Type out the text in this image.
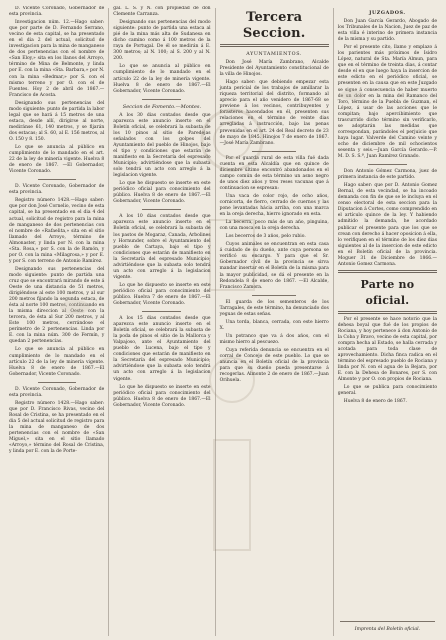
D. Vicente Coronado, Gobernador de esta provincia.

Investigacion núm. 12.—Hago saber: que por parte de D. Fernando Serrano, vecino de esta capital, se ha presentado en el dia 2 del actual, solicitud de investigacion para la mina de manganeso de dos pertenencias con el nombre de «San Eloy,» sita en los llanos del Arroyo, término de Mina de Belmonte, y linda por E. con la mina «Sta. Barbara,» por N. con la mina «Bedmar,» por S. con el mismo terreno y por O. con el de Fuentes. Hoy 2 de abril de 1867.—Francisco de Acosta.

Designando sus pertenencias del modo siguiente: punto de partida la labor legal que se hará á 15 metros de una estaca, desde allí, dirigirse al norte, mediránse 61, 140 metros, y se fijarán dos estacas; al S. 60, al E. 156 metros, al O. 150 y 8. 150.

Lo que se anuncia al público en cumplimiento de lo mandado en el art. 22 de la ley de minería vigente. Huelva 8 de enero de 1867. —El Gobernador, Vicente Coronado.

D. Vicente Coronado, Gobernador de esta provincia.

Registro número 1428.—Hago saber: que por don José Cornelio, vecino de esta capital, se ha presentado en el dia 4 del actual, solicitud de registro para la mina de manganeso de dos pertenencias con el nombre de «Rafaelita,» sita en el sitio llamado del Arroyo, término de Almonaster, y linda por N. con la mina «Sta. Rosa,» por S. con la de Ramón, y por O. con la mina «Milagrosa,» y por E. y por S. con terreno de Antonio Ramírez.

Designando sus pertenencias del modo siguiente: punto de partida una cruz que se encontrará mirando de este á Oeste de una distancia de 51 metros, dirigiéndose al este 100 metros, y al sur 200 metros fijando la segunda estaca, de ésta al norte 100 metros, continuando en la misma direccion al Oeste con la tercera, de ésta al Sur 200 metros, y al Este 100 metros, cerrándose el perímetro de 2 pertenencias. Linda por E. con la mina núm. 300 de Fermín, y quedan 2 pertenencias.

Lo que se anuncia al público en cumplimiento de lo mandado en el artículo 22 de la ley de minería vigente. Huelva 8 de enero de 1867.—El Gobernador, Vicente Coronado.

D. Vicente Coronado, Gobernador de esta provincia.

Registro número 1428.—Hago saber: que por D. Francisco Rivas, vecino del Rosal de Cristina, se ha presentado en el dia 5 del actual solicitud de registro para la mina de manganeso de dos pertenencias con el nombre de «San Miguel,» sita en el sitio llamado «Arroyo,» término del Rosal de Cristina, y linda por E. con la de Porte-

gal. L. S. y N. con propiedad de don Clemente Carranza.

Designando sus pertenencias del modo siguiente: punto de partida una estaca al pié de la mina más alta de Sudanesa en dicho camino como á 100 metros de la raya de Portugal. De él se medirán á E. 300 metros; al N. 100; al S. 200 y al N. 200.

Lo que se anuncia al público en cumplimiento de lo mandado en el artículo 22 de la ley de minería vigente. Huelva 8 de enero de 1867.—El Gobernador, Vicente Coronado.

Seccion de Fomento.—Montes.

A los 30 dias contados desde que aparezca este anuncio inserto en el Boletín oficial, se celebrará la subasta de los 10 pinos al sitio de Paredejas señalados con los golpes del Ayuntamiento del pueblo de Hinojos, bajo el tipo y condiciones que estarán de manifiesto en la Secretaría del espresado Municipio; advirtiéndose que la subasta solo tendrá un acto con arreglo á la legislacion vigente.

Lo que he dispuesto se inserte en este periódico oficial para conocimiento del público. Huelva 8 de enero de 1867.—El Gobernador, Vicente Coronado.

A los 10 dias contados desde que aparezca este anuncio inserto en el Boletín oficial, se celebrará la subasta de los pastos de Mogaraz, Canada, Arbolines y Hornunder, sobre el Ayuntamiento del pueblo de Cartaya, bajo el tipo y condiciones que estarán de manifiesto en la Secretaría del espresado Municipio; advirtiéndose que la subasta solo tendrá un acto con arreglo á la legislacion vigente.

Lo que he dispuesto se inserte en este periódico oficial para conocimiento del público. Huelva 7 de enero de 1867.—El Gobernador, Vicente Coronado.

A los 15 dias contados desde que aparezca este anuncio inserto en el Boletín oficial, se celebrará la subasta de la poda de pinos el sitio de la Mallorca y Valpajoso, ante el Ayuntamiento del pueblo de Lucena, bajo el tipo y condiciones que estarán de manifiesto en la Secretaría del espresado Municipio; advirtiéndose que la subasta solo tendrá un acto con arreglo á la legislacion vigente.

Lo que he dispuesto se inserte en este periódico oficial para conocimiento del público. Huelva 8 de enero de 1867.—El Gobernador, Vicente Coronado.

Tercera Seccion.
AYUNTAMIENTOS.

Don José María Zambrano, Alcalde Presidente del Ayuntamiento constitucional de la villa de Hinojos.

Hago saber: que debiendo empezar esta junta pericial de los trabajos de amillarar la riqueza territorial del distrito, formando al aprecio para el año venidero de 1867-68 se previene á los vecinos, contribuyentes y forasteros hacendados en él, presenten sus relaciones en el término de veinte dias arregladas á instrucción, bajo las penas prevenidas en el art. 24 del Real decreto de 23 de mayo de 1845. Hinojos 7 de enero de 1867.—José María Zambrano.

Por el guarda rural de esta villa fué dada cuenta en esta Alcaldía que en quince de diciembre último encontró abandonados en el campo común de esta término un asno negro de unos diez años y tres reses vacunas que á continuacion se espresan:

Una vaca de color rojo, de ocho años, cornicorta, de fierro, cerrado de cuernos y las pone levantadas hácia arriba, con una marca en la oreja derecha, hierro ignorado en esta.

La becerra, poco más de un año, pinguina, con una mosca en la oreja derecha.

Los becerros de 3 años, pelo rubio.

Cuyos animales se encuentran en esta casa á cuidado de su dueño, ante cuya persona se verificó su encargo. Y para que el Sr. Gobernador civil de la provincia se sirva mandar insertar en el Boletín de la misma para la mayor publicidad, se dá el presente en la Redondela 8 de enero de 1867. —El Alcalde, Francisco Zamora.

El guarda de los sementeros de los Tarragales, de este término, ha denunciado dos yeguas de estas señas.

Una torda, blanca, cerrada, con este hierro X.

Un potranco que va á dos años, con el mismo hierro al pescuezo.

Cuya referida denuncia se encuentra en el corral de Concejo de este pueblo. Lo que se anuncia en el Boletín oficial de la provincia para que su dueño pueda presentarse á recogerlas. Almonte 2 de enero de 1867.—Juan Orihuela.

JUZGADOS.

Don Juan García Gerardo, Abogado de los Tribunales de la Nacion, Juez de paz de esta villa é interino de primera instancia de la misma y su partido.

Por el presente cito, llamo y emplazo á los parientes más próximos de Isidro López, natural de Sta. María Almun, para que en el término de treinta dias, á contar desde el en que luego haya la insercion de este edicto en el periódico oficial, se presenten en la causa que en este Juzgado se sigue á consecuencia de haber muerto de un dolor en la mina del Ramanco del Toro, término de la Puebla de Guzman, el López, á usar de las acciones que le compitan; bajo apercibimiento que trascurrido dicho término sin verificarlo, se adoptarán las medidas que correspondan, parándoles el perjuicio que haya lugar. Valverde del Camino veinte y ocho de diciembre de mil ochocientos sesenta y seis.—Juan García Gerardo.—P. M. D. S. S.ª, Juan Ramírez Granado.

Don Antonio Gómez Carmona, juez de primera instancia de este partido.

Hago saber: que por D. Antonio Gomez Bernal, de esta vecindad, se ha incoado demanda con fin de que se le incluya en el censo electoral de esta seccion para la Diputacion á Cortes, como comprendido en el artículo quince de la ley. Y habiendo admitido la demanda, he acordado publicar el presente para que los que se crean con derecho á hacer oposicion á ella, lo verifiquen en el término de los diez dias siguientes al de la insercion de este edicto en el Boletín oficial de la provincia. Moguer 31 de Diciembre de 1866.—Antonio Gomez Carmona.

Parte no oficial.

Por el presente se hace notorio que la dehesa boyal que fué de los propios de Rociana, y hoy pertenece á don Antonio de la Coba y Bravo, vecino de esta capital, por compra hecha al Estado, se halla cerrada y acotada para toda clase de aprovechamiento. Dicha finca radica en el término del espresado pueblo de Rociana y linda por N. con el agua de la Bejara, por E. con la Dehesa de Bonares, por S. con Almonte y por O. con propios de Rociana.

Lo que se publica para conocimiento general.

Huelva 8 de enero de 1867.

Imprenta del Boletín oficial.
